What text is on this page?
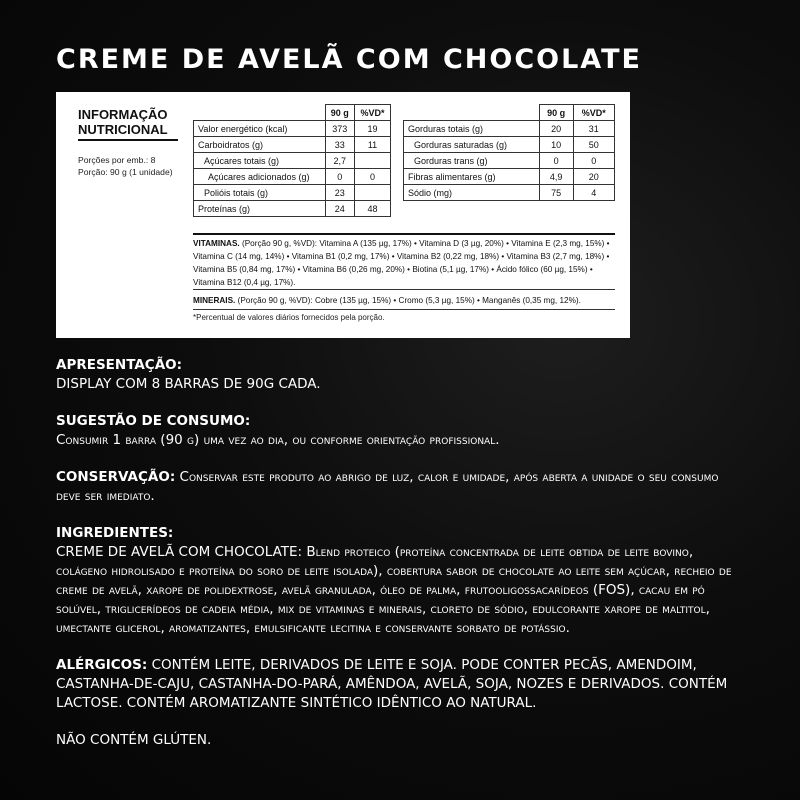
CREME DE AVELÃ COM CHOCOLATE
INFORMAÇÃO
NUTRICIONAL
Porções por emb.: 8
Porção: 90 g (1 unidade)
	90 g	%VD*
Valor energético (kcal)	373	19
Carboidratos (g)	33	11
Açúcares totais (g)	2,7	
Açúcares adicionados (g)	0	0
Polióis totais (g)	23	
Proteínas (g)	24	48
	90 g	%VD*
Gorduras totais (g)	20	31
Gorduras saturadas (g)	10	50
Gorduras trans (g)	0	0
Fibras alimentares (g)	4,9	20
Sódio (mg)	75	4
VITAMINAS. (Porção 90 g, %VD): Vitamina A (135 µg, 17%) • Vitamina D (3 µg, 20%) • Vitamina E (2,3 mg, 15%) • Vitamina C (14 mg, 14%) • Vitamina B1 (0,2 mg, 17%) • Vitamina B2 (0,22 mg, 18%) • Vitamina B3 (2,7 mg, 18%) • Vitamina B5 (0,84 mg, 17%) • Vitamina B6 (0,26 mg, 20%) • Biotina (5,1 µg, 17%) • Ácido fólico (60 µg, 15%) • Vitamina B12 (0,4 µg, 17%).
MINERAIS. (Porção 90 g, %VD): Cobre (135 µg, 15%) • Cromo (5,3 µg, 15%) • Manganês (0,35 mg, 12%).
*Percentual de valores diários fornecidos pela porção.
APRESENTAÇÃO:
DISPLAY COM 8 BARRAS DE 90G CADA.
SUGESTÃO DE CONSUMO:
Consumir 1 barra (90 g) uma vez ao dia, ou conforme orientação profissional.
CONSERVAÇÃO: Conservar este produto ao abrigo de luz, calor e umidade, após aberta a unidade o seu consumo deve ser imediato.
INGREDIENTES:
CREME DE AVELÃ COM CHOCOLATE: Blend proteico (proteína concentrada de leite obtida de leite bovino, colágeno hidrolisado e proteína do soro de leite isolada), cobertura sabor de chocolate ao leite sem açúcar, recheio de creme de avelã, xarope de polidextrose, avelã granulada, óleo de palma, frutooligossacarídeos (FOS), cacau em pó solúvel, triglicerídeos de cadeia média, mix de vitaminas e minerais, cloreto de sódio, edulcorante xarope de maltitol, umectante glicerol, aromatizantes, emulsificante lecitina e conservante sorbato de potássio.
ALÉRGICOS: CONTÉM LEITE, DERIVADOS DE LEITE E SOJA. PODE CONTER PECÃS, AMENDOIM, CASTANHA-DE-CAJU, CASTANHA-DO-PARÁ, AMÊNDOA, AVELÃ, SOJA, NOZES E DERIVADOS. CONTÉM LACTOSE. CONTÉM AROMATIZANTE SINTÉTICO IDÊNTICO AO NATURAL.
NÃO CONTÉM GLÚTEN.
